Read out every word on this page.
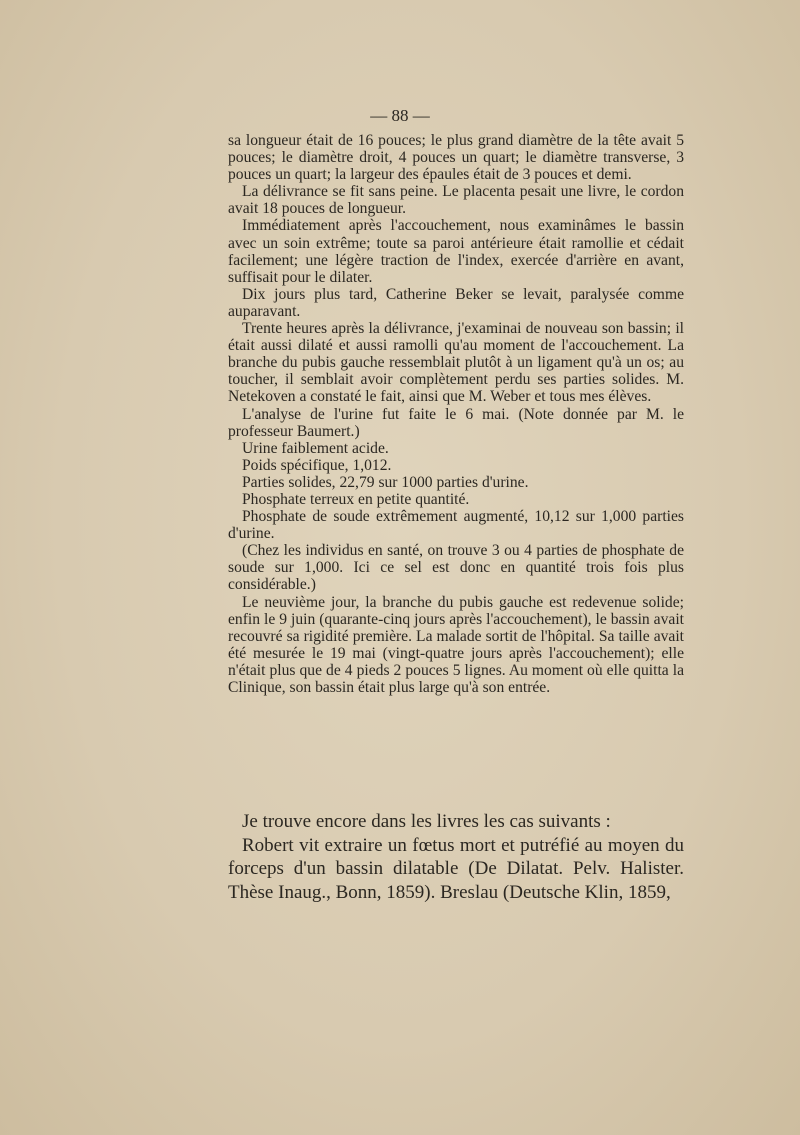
— 88 —

sa longueur était de 16 pouces; le plus grand diamètre de la tête avait 5 pouces; le diamètre droit, 4 pouces un quart; le diamètre transverse, 3 pouces un quart; la largeur des épaules était de 3 pouces et demi.

La délivrance se fit sans peine. Le placenta pesait une livre, le cordon avait 18 pouces de longueur.

Immédiatement après l'accouchement, nous examinâmes le bassin avec un soin extrême; toute sa paroi antérieure était ramollie et cédait facilement; une légère traction de l'index, exercée d'arrière en avant, suffisait pour le dilater.

Dix jours plus tard, Catherine Beker se levait, paralysée comme auparavant.

Trente heures après la délivrance, j'examinai de nouveau son bassin; il était aussi dilaté et aussi ramolli qu'au moment de l'accouchement. La branche du pubis gauche ressemblait plutôt à un ligament qu'à un os; au toucher, il semblait avoir complètement perdu ses parties solides. M. Netekoven a constaté le fait, ainsi que M. Weber et tous mes élèves.

L'analyse de l'urine fut faite le 6 mai. (Note donnée par M. le professeur Baumert.)

Urine faiblement acide.

Poids spécifique, 1,012.

Parties solides, 22,79 sur 1000 parties d'urine.

Phosphate terreux en petite quantité.

Phosphate de soude extrêmement augmenté, 10,12 sur 1,000 parties d'urine.

(Chez les individus en santé, on trouve 3 ou 4 parties de phosphate de soude sur 1,000. Ici ce sel est donc en quantité trois fois plus considérable.)

Le neuvième jour, la branche du pubis gauche est redevenue solide; enfin le 9 juin (quarante-cinq jours après l'accouchement), le bassin avait recouvré sa rigidité première. La malade sortit de l'hôpital. Sa taille avait été mesurée le 19 mai (vingt-quatre jours après l'accouchement); elle n'était plus que de 4 pieds 2 pouces 5 lignes. Au moment où elle quitta la Clinique, son bassin était plus large qu'à son entrée.

Je trouve encore dans les livres les cas suivants :

Robert vit extraire un fœtus mort et putréfié au moyen du forceps d'un bassin dilatable (De Dilatat. Pelv. Halister. Thèse Inaug., Bonn, 1859). Breslau (Deutsche Klin, 1859,
